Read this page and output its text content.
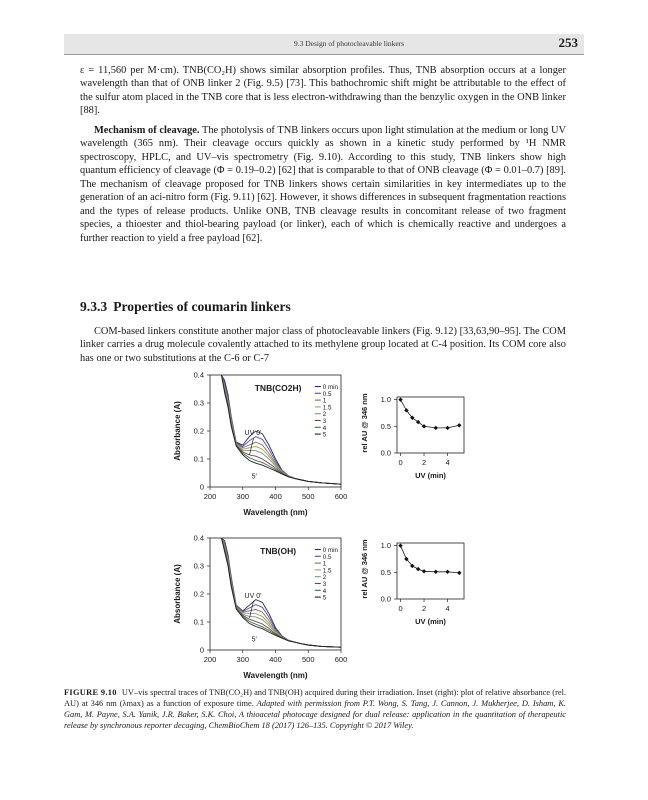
9.3 Design of photocleavable linkers	253

ε = 11,560 per M·cm). TNB(CO₂H) shows similar absorption profiles. Thus, TNB absorption occurs at a longer wavelength than that of ONB linker 2 (Fig. 9.5) [73]. This bathochromic shift might be attributable to the effect of the sulfur atom placed in the TNB core that is less electron-withdrawing than the benzylic oxygen in the ONB linker [88].

Mechanism of cleavage. The photolysis of TNB linkers occurs upon light stimulation at the medium or long UV wavelength (365 nm). Their cleavage occurs quickly as shown in a kinetic study performed by ¹H NMR spectroscopy, HPLC, and UV–vis spectrometry (Fig. 9.10). According to this study, TNB linkers show high quantum efficiency of cleavage (Φ = 0.19–0.2) [62] that is comparable to that of ONB cleavage (Φ = 0.01–0.7) [89]. The mechanism of cleavage proposed for TNB linkers shows certain similarities in key intermediates up to the generation of an aci-nitro form (Fig. 9.11) [62]. However, it shows differences in subsequent fragmentation reactions and the types of release products. Unlike ONB, TNB cleavage results in concomitant release of two fragment species, a thioester and thiol-bearing payload (or linker), each of which is chemically reactive and undergoes a further reaction to yield a free payload [62].

9.3.3 Properties of coumarin linkers

COM-based linkers constitute another major class of photocleavable linkers (Fig. 9.12) [33,63,90–95]. The COM linker carries a drug molecule covalently attached to its methylene group located at C-4 position. Its COM core also has one or two substitutions at the C-6 or C-7

200	300	400	500	600
0
0.1
0.2
0.3
0.4
Absorbance (A)
Wavelength (nm)
TNB(CO2H)	0 min
0.5
1
1.5
2
3
4
5
UV 0'
5'
0	2	4
0.0
0.5
1.0
rel AU @ 346 nm
UV (min)
200	300	400	500	600
0
0.1
0.2
0.3
0.4
Absorbance (A)
Wavelength (nm)
TNB(OH)	0 min
0.5
1
1.5
2
3
4
5
UV 0'
5'
0	2	4
0.0
0.5
1.0
rel AU @ 346 nm
UV (min)

FIGURE 9.10 UV–vis spectral traces of TNB(CO₂H) and TNB(OH) acquired during their irradiation. Inset (right): plot of relative absorbance (rel. AU) at 346 nm (λmax) as a function of exposure time. Adapted with permission from P.T. Wong, S. Tang, J. Cannon, J. Mukherjee, D. Isham, K. Gam, M. Payne, S.A. Yanik, J.R. Baker, S.K. Choi, A thioacetal photocage designed for dual release: application in the quantitation of therapeutic release by synchronous reporter decaging, ChemBioChem 18 (2017) 126–135. Copyright © 2017 Wiley.
